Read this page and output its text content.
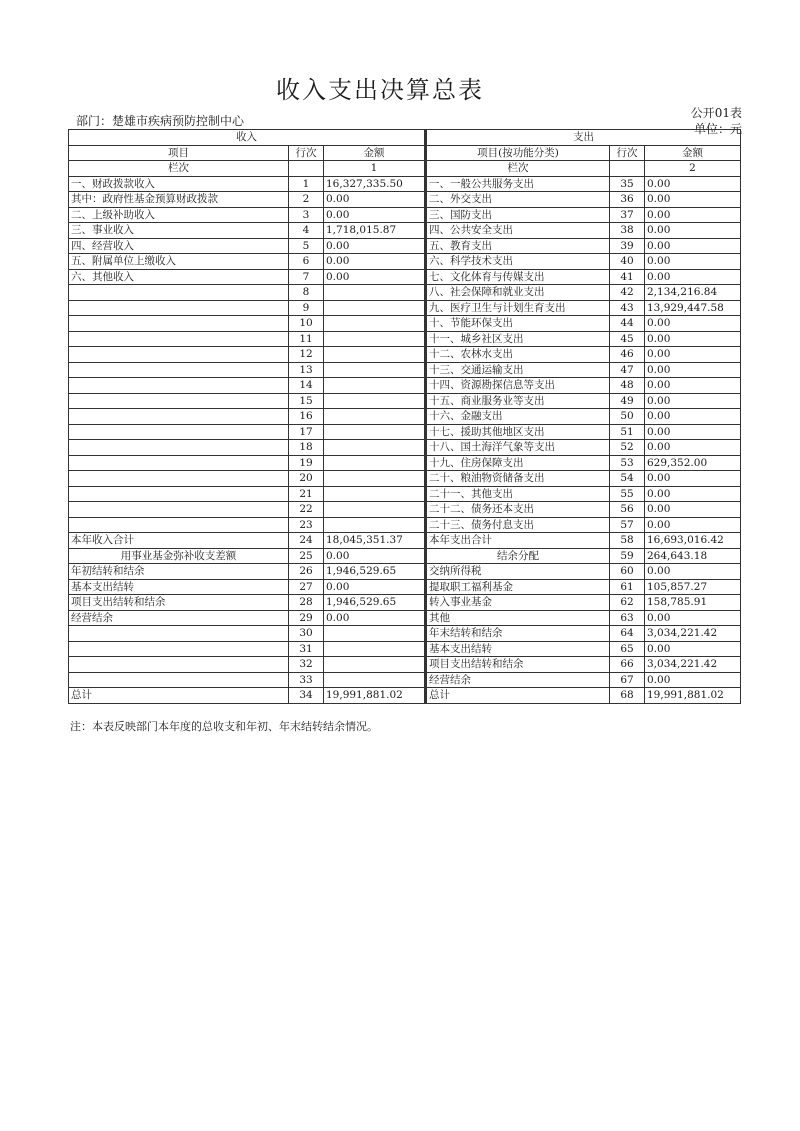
收入支出决算总表
公开01表
部门：楚雄市疾病预防控制中心
单位：元
收入			支出		
项目	行次	金额	项目(按功能分类)	行次	金额
栏次		1	栏次		2
一、财政拨款收入	1	16,327,335.50	一、一般公共服务支出	35	0.00
其中：政府性基金预算财政拨款	2	0.00	二、外交支出	36	0.00
二、上级补助收入	3	0.00	三、国防支出	37	0.00
三、事业收入	4	1,718,015.87	四、公共安全支出	38	0.00
四、经营收入	5	0.00	五、教育支出	39	0.00
五、附属单位上缴收入	6	0.00	六、科学技术支出	40	0.00
六、其他收入	7	0.00	七、文化体育与传媒支出	41	0.00
	8		八、社会保障和就业支出	42	2,134,216.84
	9		九、医疗卫生与计划生育支出	43	13,929,447.58
	10		十、节能环保支出	44	0.00
	11		十一、城乡社区支出	45	0.00
	12		十二、农林水支出	46	0.00
	13		十三、交通运输支出	47	0.00
	14		十四、资源勘探信息等支出	48	0.00
	15		十五、商业服务业等支出	49	0.00
	16		十六、金融支出	50	0.00
	17		十七、援助其他地区支出	51	0.00
	18		十八、国土海洋气象等支出	52	0.00
	19		十九、住房保障支出	53	629,352.00
	20		二十、粮油物资储备支出	54	0.00
	21		二十一、其他支出	55	0.00
	22		二十二、债务还本支出	56	0.00
	23		二十三、债务付息支出	57	0.00
本年收入合计	24	18,045,351.37	本年支出合计	58	16,693,016.42
用事业基金弥补收支差额	25	0.00	结余分配	59	264,643.18
年初结转和结余	26	1,946,529.65	交纳所得税	60	0.00
基本支出结转	27	0.00	提取职工福利基金	61	105,857.27
项目支出结转和结余	28	1,946,529.65	转入事业基金	62	158,785.91
经营结余	29	0.00	其他	63	0.00
	30		年末结转和结余	64	3,034,221.42
	31		基本支出结转	65	0.00
	32		项目支出结转和结余	66	3,034,221.42
	33		经营结余	67	0.00
总计	34	19,991,881.02	总计	68	19,991,881.02
注：本表反映部门本年度的总收支和年初、年末结转结余情况。
